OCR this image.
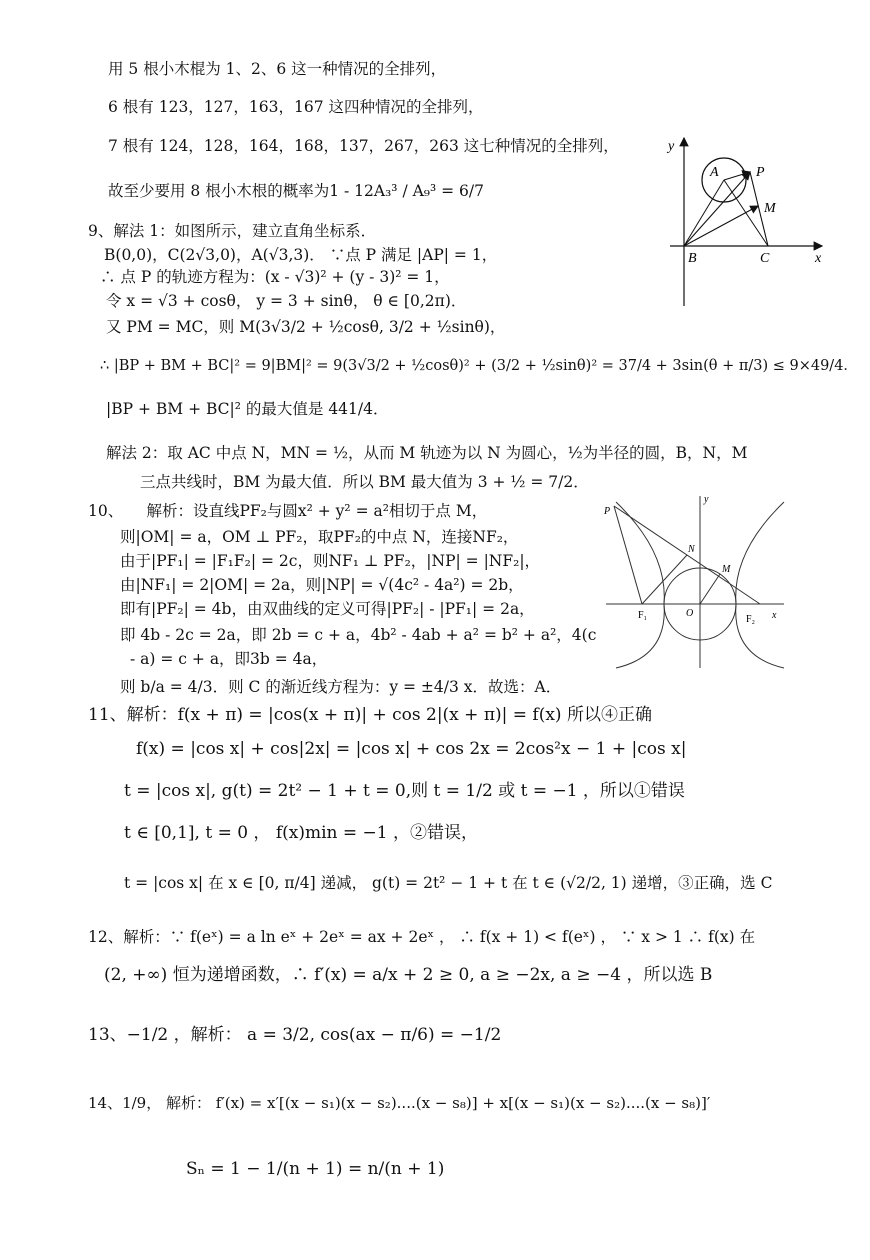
用 5 根小木棍为 1、2、6 这一种情况的全排列，
6 根有 123，127，163，167 这四种情况的全排列，
7 根有 124，128，164，168，137，267，263 这七种情况的全排列，
故至少要用 8 根小木根的概率为1 - 12A₃³ / A₉³ = 6/7
9、解法 1：如图所示，建立直角坐标系．
B(0,0)，C(2√3,0)，A(√3,3)． ∵点 P 满足 |AP| = 1，
∴ 点 P 的轨迹方程为：(x - √3)² + (y - 3)² = 1，
令 x = √3 + cosθ， y = 3 + sinθ， θ ∈ [0,2π)．
又 PM = MC，则 M(3√3/2 + ½cosθ, 3/2 + ½sinθ)，
∴ |BP + BM + BC|² = 9|BM|² = 9(3√3/2 + ½cosθ)² + (3/2 + ½sinθ)² = 37/4 + 3sin(θ + π/3) ≤ 9×49/4．
|BP + BM + BC|² 的最大值是 441/4．
解法 2：取 AC 中点 N，MN = ½，从而 M 轨迹为以 N 为圆心，½为半径的圆，B，N，M
三点共线时，BM 为最大值．所以 BM 最大值为 3 + ½ = 7/2．
10、　　解析：设直线PF₂与圆x² + y² = a²相切于点 M，
则|OM| = a，OM ⊥ PF₂，取PF₂的中点 N，连接NF₂，
由于|PF₁| = |F₁F₂| = 2c，则NF₁ ⊥ PF₂，|NP| = |NF₂|，
由|NF₁| = 2|OM| = 2a，则|NP| = √(4c² - 4a²) = 2b，
即有|PF₂| = 4b，由双曲线的定义可得|PF₂| - |PF₁| = 2a，
即 4b - 2c = 2a，即 2b = c + a，4b² - 4ab + a² = b² + a²，4(c
- a) = c + a，即3b = 4a，
则 b/a = 4/3．则 C 的渐近线方程为：y = ±4/3 x．故选：A．
11、解析：f(x + π) = |cos(x + π)| + cos 2|(x + π)| = f(x) 所以④正确
f(x) = |cos x| + cos|2x| = |cos x| + cos 2x = 2cos²x − 1 + |cos x|
t = |cos x|, g(t) = 2t² − 1 + t = 0,则 t = 1/2 或 t = −1 ，所以①错误
t ∈ [0,1], t = 0 ， f(x)min = −1 ，②错误，
t = |cos x| 在 x ∈ [0, π/4] 递减， g(t) = 2t² − 1 + t 在 t ∈ (√2/2, 1) 递增，③正确，选 C
12、解析：∵ f(eˣ) = a ln eˣ + 2eˣ = ax + 2eˣ ， ∴ f(x + 1) < f(eˣ) ， ∵ x > 1 ∴ f(x) 在
(2, +∞) 恒为递增函数，∴ f′(x) = a/x + 2 ≥ 0, a ≥ −2x, a ≥ −4 ，所以选 B
13、−1/2 ，解析： a = 3/2, cos(ax − π/6) = −1/2
14、1/9， 解析： f′(x) = x′[(x − s₁)(x − s₂)....(x − s₈)] + x[(x − s₁)(x − s₂)....(x − s₈)]′
Sₙ = 1 − 1/(n + 1) = n/(n + 1)
y
x
A	P
M
B	C
y
x
P
N
M
O
F₁	F₂
